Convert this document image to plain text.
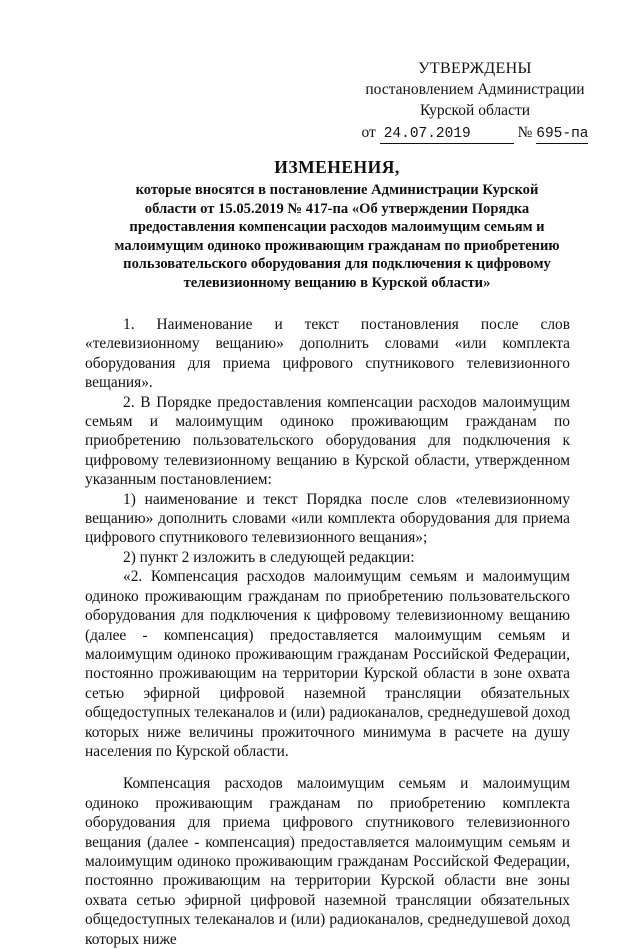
УТВЕРЖДЕНЫ
постановлением Администрации
Курской области
от 24.07.2019	№ 695-па
ИЗМЕНЕНИЯ,
которые вносятся в постановление Администрации Курской области от 15.05.2019 № 417-па «Об утверждении Порядка предоставления компенсации расходов малоимущим семьям и малоимущим одиноко проживающим гражданам по приобретению пользовательского оборудования для подключения к цифровому телевизионному вещанию в Курской области»

1. Наименование и текст постановления после слов «телевизионному вещанию» дополнить словами «или комплекта оборудования для приема цифрового спутникового телевизионного вещания».

2. В Порядке предоставления компенсации расходов малоимущим семьям и малоимущим одиноко проживающим гражданам по приобретению пользовательского оборудования для подключения к цифровому телевизионному вещанию в Курской области, утвержденном указанным постановлением:

1) наименование и текст Порядка после слов «телевизионному вещанию» дополнить словами «или комплекта оборудования для приема цифрового спутникового телевизионного вещания»;

2) пункт 2 изложить в следующей редакции:

«2. Компенсация расходов малоимущим семьям и малоимущим одиноко проживающим гражданам по приобретению пользовательского оборудования для подключения к цифровому телевизионному вещанию (далее - компенсация) предоставляется малоимущим семьям и малоимущим одиноко проживающим гражданам Российской Федерации, постоянно проживающим на территории Курской области в зоне охвата сетью эфирной цифровой наземной трансляции обязательных общедоступных телеканалов и (или) радиоканалов, среднедушевой доход которых ниже величины прожиточного минимума в расчете на душу населения по Курской области.

Компенсация расходов малоимущим семьям и малоимущим одиноко проживающим гражданам по приобретению комплекта оборудования для приема цифрового спутникового телевизионного вещания (далее - компенсация) предоставляется малоимущим семьям и малоимущим одиноко проживающим гражданам Российской Федерации, постоянно проживающим на территории Курской области вне зоны охвата сетью эфирной цифровой наземной трансляции обязательных общедоступных телеканалов и (или) радиоканалов, среднедушевой доход которых ниже
